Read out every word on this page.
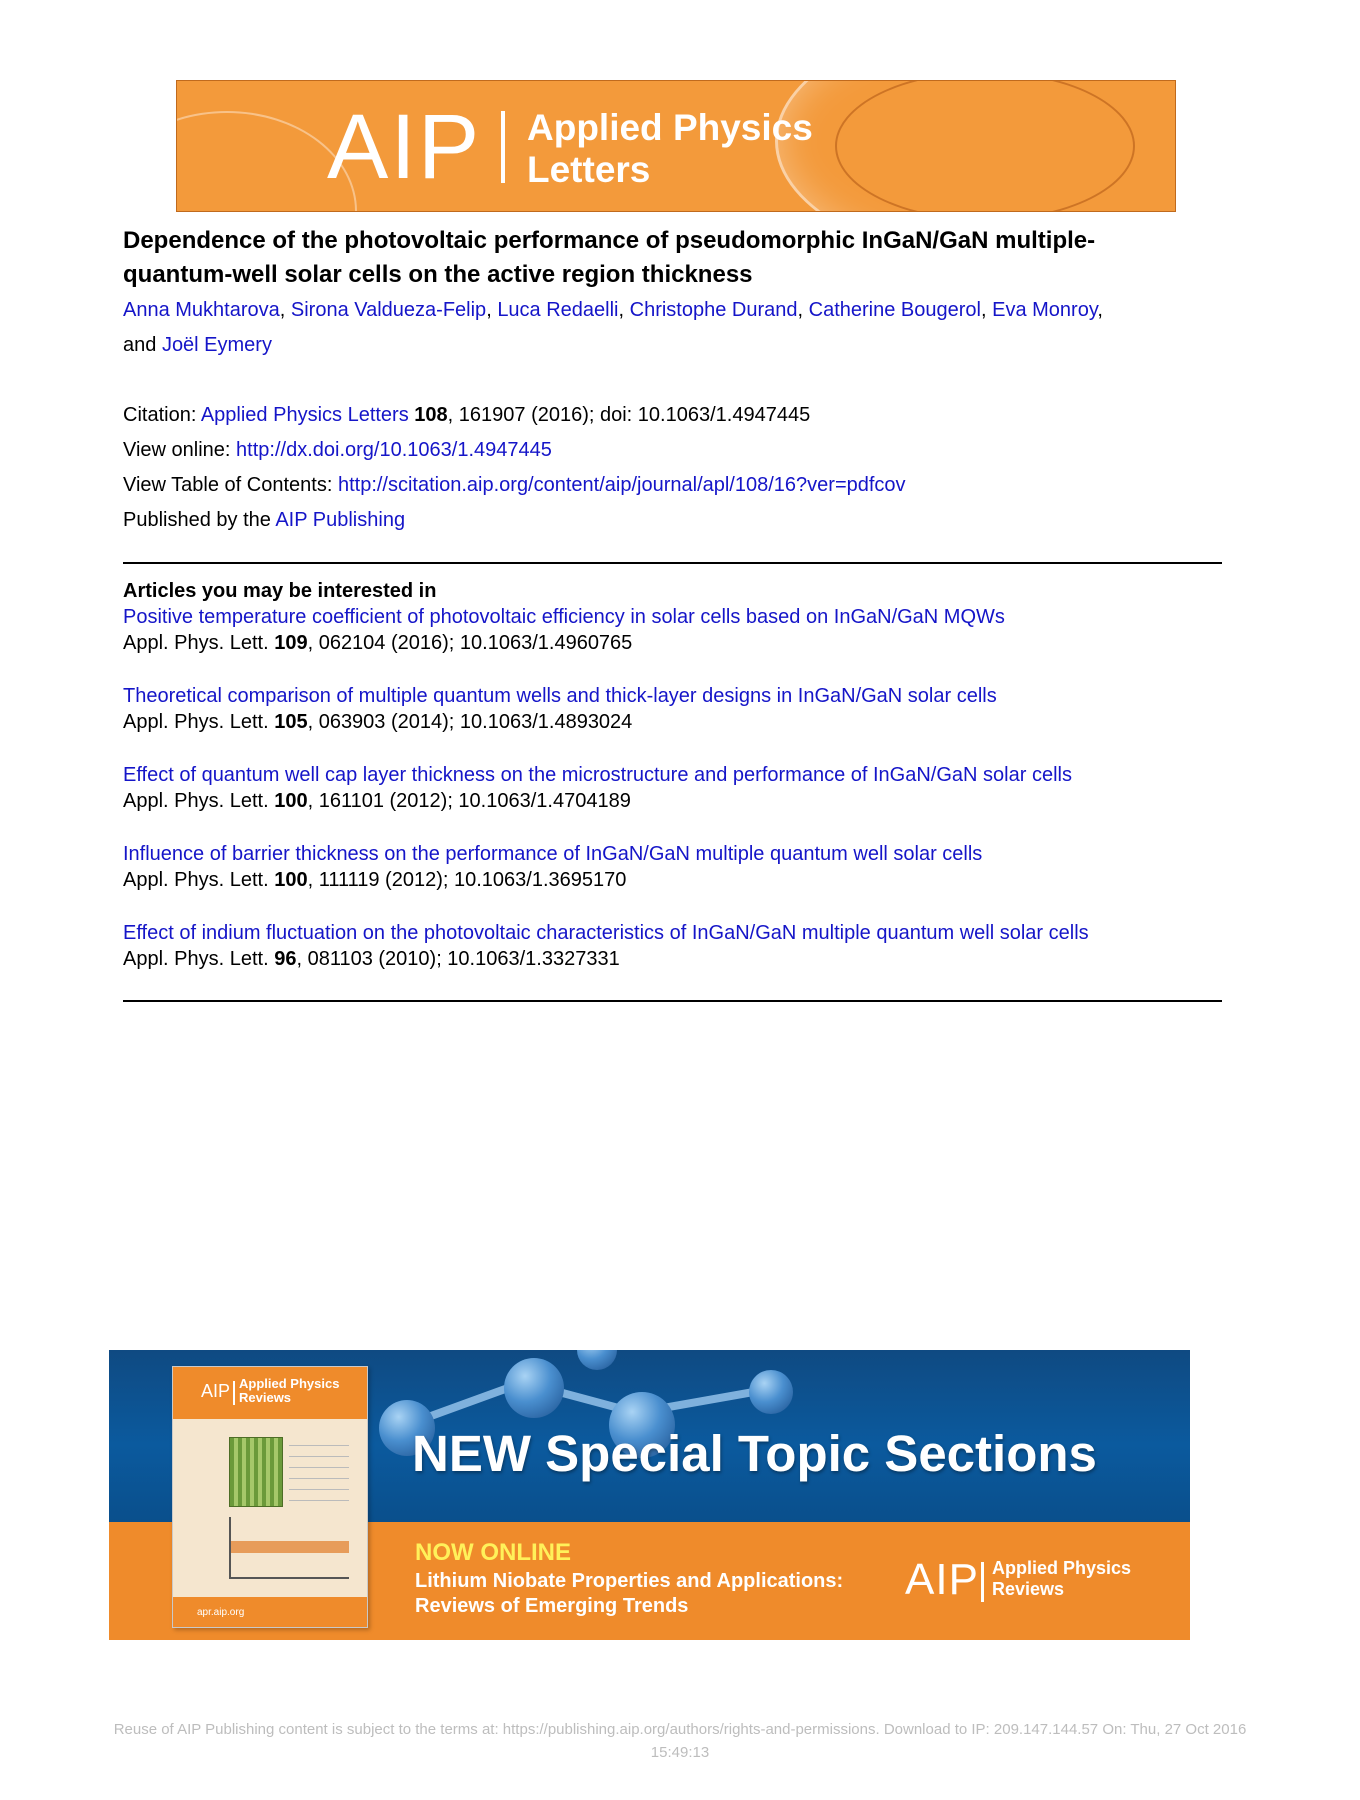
AIP Applied Physics
Letters
Dependence of the photovoltaic performance of pseudomorphic InGaN/GaN multiple-
quantum-well solar cells on the active region thickness
Anna Mukhtarova, Sirona Valdueza-Felip, Luca Redaelli, Christophe Durand, Catherine Bougerol, Eva Monroy,
and Joël Eymery
Citation: Applied Physics Letters 108, 161907 (2016); doi: 10.1063/1.4947445
View online: http://dx.doi.org/10.1063/1.4947445
View Table of Contents: http://scitation.aip.org/content/aip/journal/apl/108/16?ver=pdfcov
Published by the AIP Publishing
Articles you may be interested in
Positive temperature coefficient of photovoltaic efficiency in solar cells based on InGaN/GaN MQWs
Appl. Phys. Lett. 109, 062104 (2016); 10.1063/1.4960765
Theoretical comparison of multiple quantum wells and thick-layer designs in InGaN/GaN solar cells
Appl. Phys. Lett. 105, 063903 (2014); 10.1063/1.4893024
Effect of quantum well cap layer thickness on the microstructure and performance of InGaN/GaN solar cells
Appl. Phys. Lett. 100, 161101 (2012); 10.1063/1.4704189
Influence of barrier thickness on the performance of InGaN/GaN multiple quantum well solar cells
Appl. Phys. Lett. 100, 111119 (2012); 10.1063/1.3695170
Effect of indium fluctuation on the photovoltaic characteristics of InGaN/GaN multiple quantum well solar cells
Appl. Phys. Lett. 96, 081103 (2010); 10.1063/1.3327331
AIP Applied Physics
Reviews
apr.aip.org
NEW Special Topic Sections
NOW ONLINE
Lithium Niobate Properties and Applications:
Reviews of Emerging Trends
AIP Applied Physics
Reviews
Reuse of AIP Publishing content is subject to the terms at: https://publishing.aip.org/authors/rights-and-permissions. Download to IP: 209.147.144.57 On: Thu, 27 Oct 2016
15:49:13
